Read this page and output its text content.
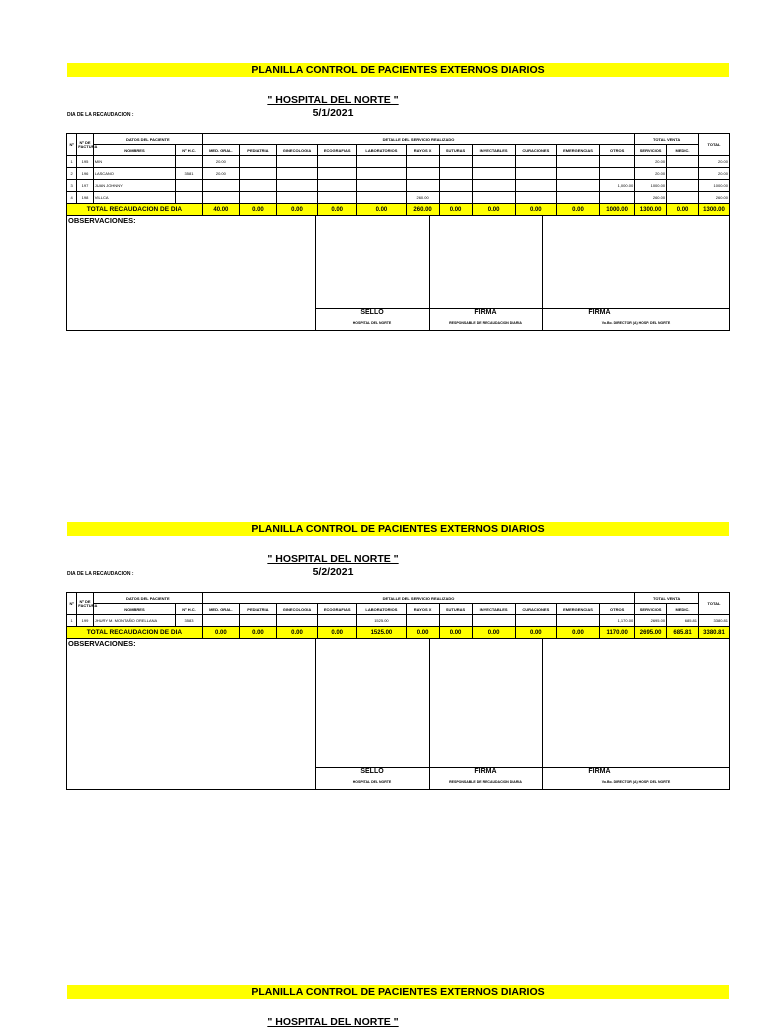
PLANILLA CONTROL DE PACIENTES EXTERNOS DIARIOS
" HOSPITAL DEL NORTE "
5/1/2021
DIA DE LA RECAUDACION :
Nº	Nº DE FACTURA	DATOS DEL PACIENTE		DETALLE DEL SERVICIO REALIZADO											TOTAL VENTA		TOTAL
		NOMBRES	Nº H.C.	MED. GRAL.	PEDIATRIA	GINECOLOGIA	ECOGRAFIAS	LABORATORIOS	RAYOS X	SUTURAS	INYECTABLES	CURACIONES	EMERGENCIAS	OTROS	SERVICIOS	MEDIC.	
1	195	MIN		20.00											20.00		20.00
2	196	LASCANO	3581	20.00											20.00		20.00
3	197	JUAN JOHNNY												1,000.00	1000.00		1000.00
4	198	VILLCA							260.00						260.00		260.00
TOTAL RECAUDACION DE DIA				40.00	0.00	0.00	0.00	0.00	260.00	0.00	0.00	0.00	0.00	1000.00	1300.00	0.00	1300.00
OBSERVACIONES:
SELLO	FIRMA	FIRMA
HOSPITAL DEL NORTE	RESPONSABLE DE RECAUDACION DIARIA	Vo.Bo. DIRECTOR (A) HOSP. DEL NORTE
PLANILLA CONTROL DE PACIENTES EXTERNOS DIARIOS
" HOSPITAL DEL NORTE "
5/2/2021
DIA DE LA RECAUDACION :
Nº	Nº DE FACTURA	DATOS DEL PACIENTE		DETALLE DEL SERVICIO REALIZADO											TOTAL VENTA		TOTAL
		NOMBRES	Nº H.C.	MED. GRAL.	PEDIATRIA	GINECOLOGIA	ECOGRAFIAS	LABORATORIOS	RAYOS X	SUTURAS	INYECTABLES	CURACIONES	EMERGENCIAS	OTROS	SERVICIOS	MEDIC.	
1	199	JHURY M. MONTAÑO ORELLANA	3583					1525.00						1,170.00	2695.00	685.81	3380.81
TOTAL RECAUDACION DE DIA				0.00	0.00	0.00	0.00	1525.00	0.00	0.00	0.00	0.00	0.00	1170.00	2695.00	685.81	3380.81
OBSERVACIONES:
SELLO	FIRMA	FIRMA
HOSPITAL DEL NORTE	RESPONSABLE DE RECAUDACION DIARIA	Vo.Bo. DIRECTOR (A) HOSP. DEL NORTE
PLANILLA CONTROL DE PACIENTES EXTERNOS DIARIOS
" HOSPITAL DEL NORTE "
